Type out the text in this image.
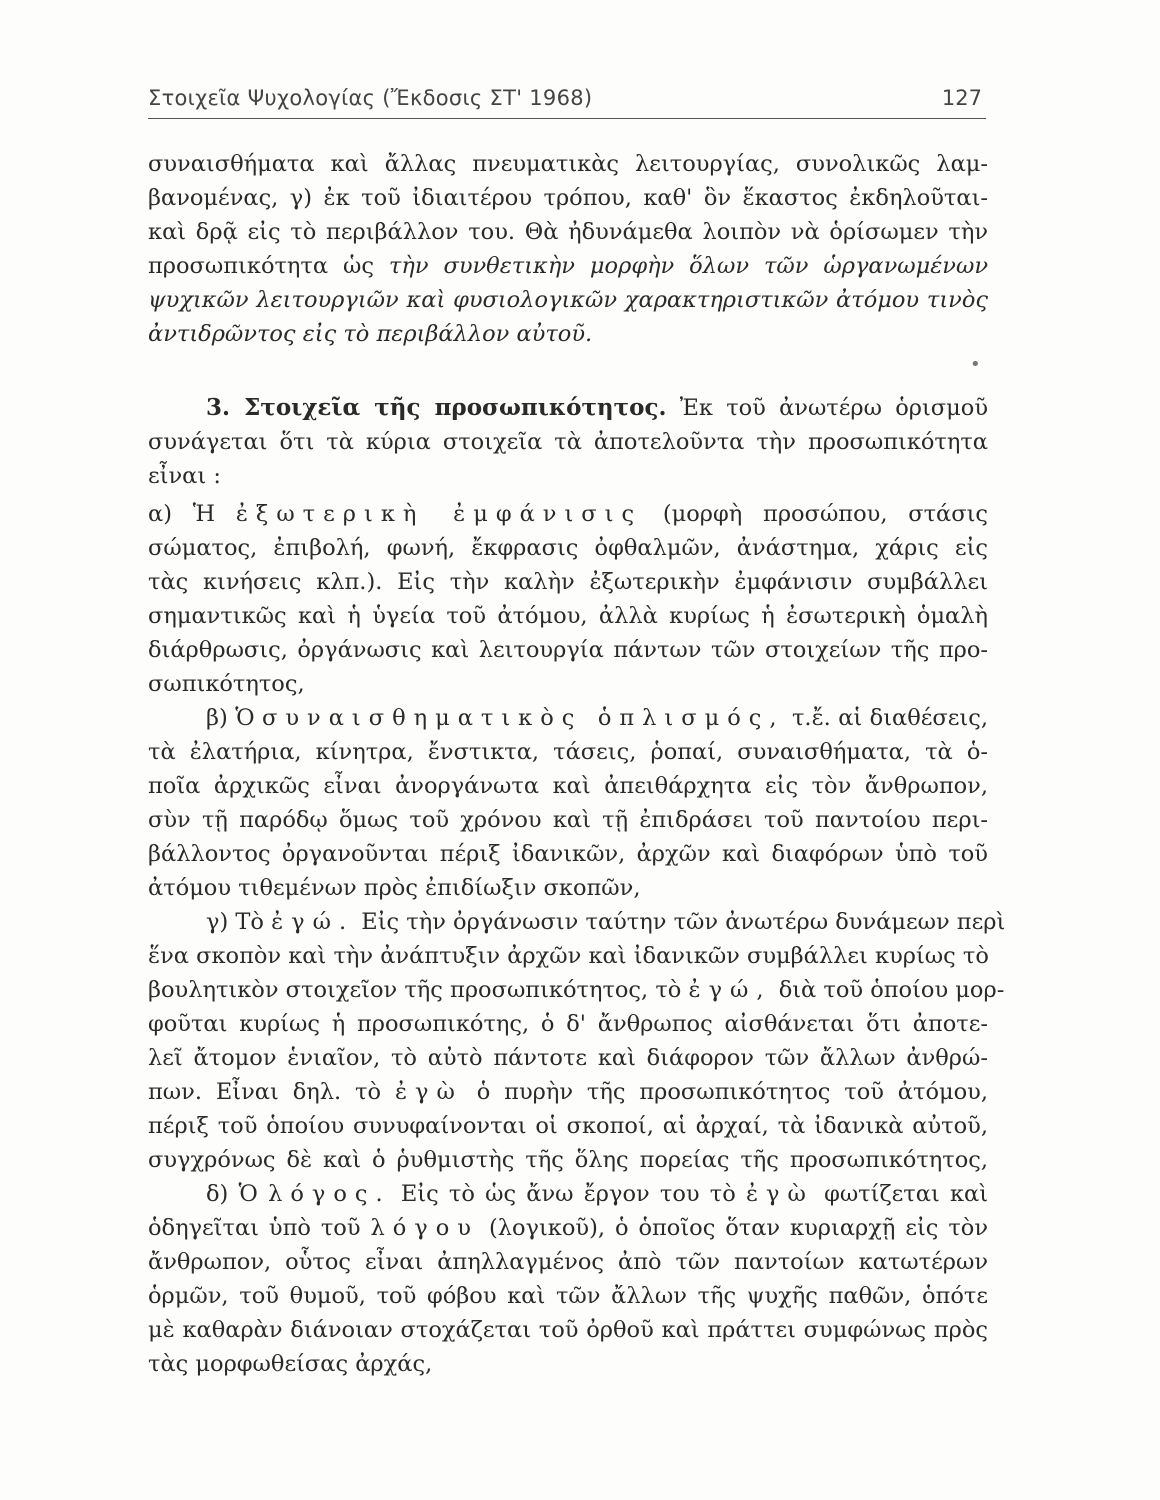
Στοιχεῖα Ψυχολογίας (Ἔκδοσις ΣΤ' 1968)	127
συναισθήματα καὶ ἄλλας πνευματικὰς λειτουργίας, συνολικῶς λαμ-
βανομένας, γ) ἐκ τοῦ ἰδιαιτέρου τρόπου, καθ' ὃν ἕκαστος ἐκδηλοῦται-
καὶ δρᾷ εἰς τὸ περιβάλλον του. Θὰ ἠδυνάμεθα λοιπὸν νὰ ὁρίσωμεν τὴν
προσωπικότητα ὡς τὴν συνθετικὴν μορφὴν ὅλων τῶν ὡργανωμένων
ψυχικῶν λειτουργιῶν καὶ φυσιολογικῶν χαρακτηριστικῶν ἀτόμου τινὸς
ἀντιδρῶντος εἰς τὸ περιβάλλον αὐτοῦ.
•
3. Στοιχεῖα τῆς προσωπικότητος. Ἐκ τοῦ ἀνωτέρω ὁρισμοῦ
συνάγεται ὅτι τὰ κύρια στοιχεῖα τὰ ἀποτελοῦντα τὴν προσωπικότητα
εἶναι :
α) Ἡ ἐξωτερικὴ ἐμφάνισις (μορφὴ προσώπου, στάσις
σώματος, ἐπιβολή, φωνή, ἔκφρασις ὀφθαλμῶν, ἀνάστημα, χάρις εἰς
τὰς κινήσεις κλπ.). Εἰς τὴν καλὴν ἐξωτερικὴν ἐμφάνισιν συμβάλλει
σημαντικῶς καὶ ἡ ὑγεία τοῦ ἀτόμου, ἀλλὰ κυρίως ἡ ἐσωτερικὴ ὁμαλὴ
διάρθρωσις, ὀργάνωσις καὶ λειτουργία πάντων τῶν στοιχείων τῆς προ-
σωπικότητος,
β) Ὁ συναισθηματικὸς ὁπλισμός, τ.ἔ. αἱ διαθέσεις,
τὰ ἐλατήρια, κίνητρα, ἔνστικτα, τάσεις, ῥοπαί, συναισθήματα, τὰ ὁ-
ποῖα ἀρχικῶς εἶναι ἀνοργάνωτα καὶ ἀπειθάρχητα εἰς τὸν ἄνθρωπον,
σὺν τῇ παρόδῳ ὅμως τοῦ χρόνου καὶ τῇ ἐπιδράσει τοῦ παντοίου περι-
βάλλοντος ὀργανοῦνται πέριξ ἰδανικῶν, ἀρχῶν καὶ διαφόρων ὑπὸ τοῦ
ἀτόμου τιθεμένων πρὸς ἐπιδίωξιν σκοπῶν,
γ) Τὸ ἐγώ. Εἰς τὴν ὀργάνωσιν ταύτην τῶν ἀνωτέρω δυνάμεων περὶ
ἕνα σκοπὸν καὶ τὴν ἀνάπτυξιν ἀρχῶν καὶ ἰδανικῶν συμβάλλει κυρίως τὸ
βουλητικὸν στοιχεῖον τῆς προσωπικότητος, τὸ ἐγώ, διὰ τοῦ ὁποίου μορ-
φοῦται κυρίως ἡ προσωπικότης, ὁ δ' ἄνθρωπος αἰσθάνεται ὅτι ἀποτε-
λεῖ ἄτομον ἑνιαῖον, τὸ αὐτὸ πάντοτε καὶ διάφορον τῶν ἄλλων ἀνθρώ-
πων. Εἶναι δηλ. τὸ ἐγὼ ὁ πυρὴν τῆς προσωπικότητος τοῦ ἀτόμου,
πέριξ τοῦ ὁποίου συνυφαίνονται οἱ σκοποί, αἱ ἀρχαί, τὰ ἰδανικὰ αὐτοῦ,
συγχρόνως δὲ καὶ ὁ ῥυθμιστὴς τῆς ὅλης πορείας τῆς προσωπικότητος,
δ) Ὁ λόγος. Εἰς τὸ ὡς ἄνω ἔργον του τὸ ἐγὼ φωτίζεται καὶ
ὁδηγεῖται ὑπὸ τοῦ λόγου (λογικοῦ), ὁ ὁποῖος ὅταν κυριαρχῇ εἰς τὸν
ἄνθρωπον, οὗτος εἶναι ἀπηλλαγμένος ἀπὸ τῶν παντοίων κατωτέρων
ὁρμῶν, τοῦ θυμοῦ, τοῦ φόβου καὶ τῶν ἄλλων τῆς ψυχῆς παθῶν, ὁπότε
μὲ καθαρὰν διάνοιαν στοχάζεται τοῦ ὀρθοῦ καὶ πράττει συμφώνως πρὸς
τὰς μορφωθείσας ἀρχάς,
